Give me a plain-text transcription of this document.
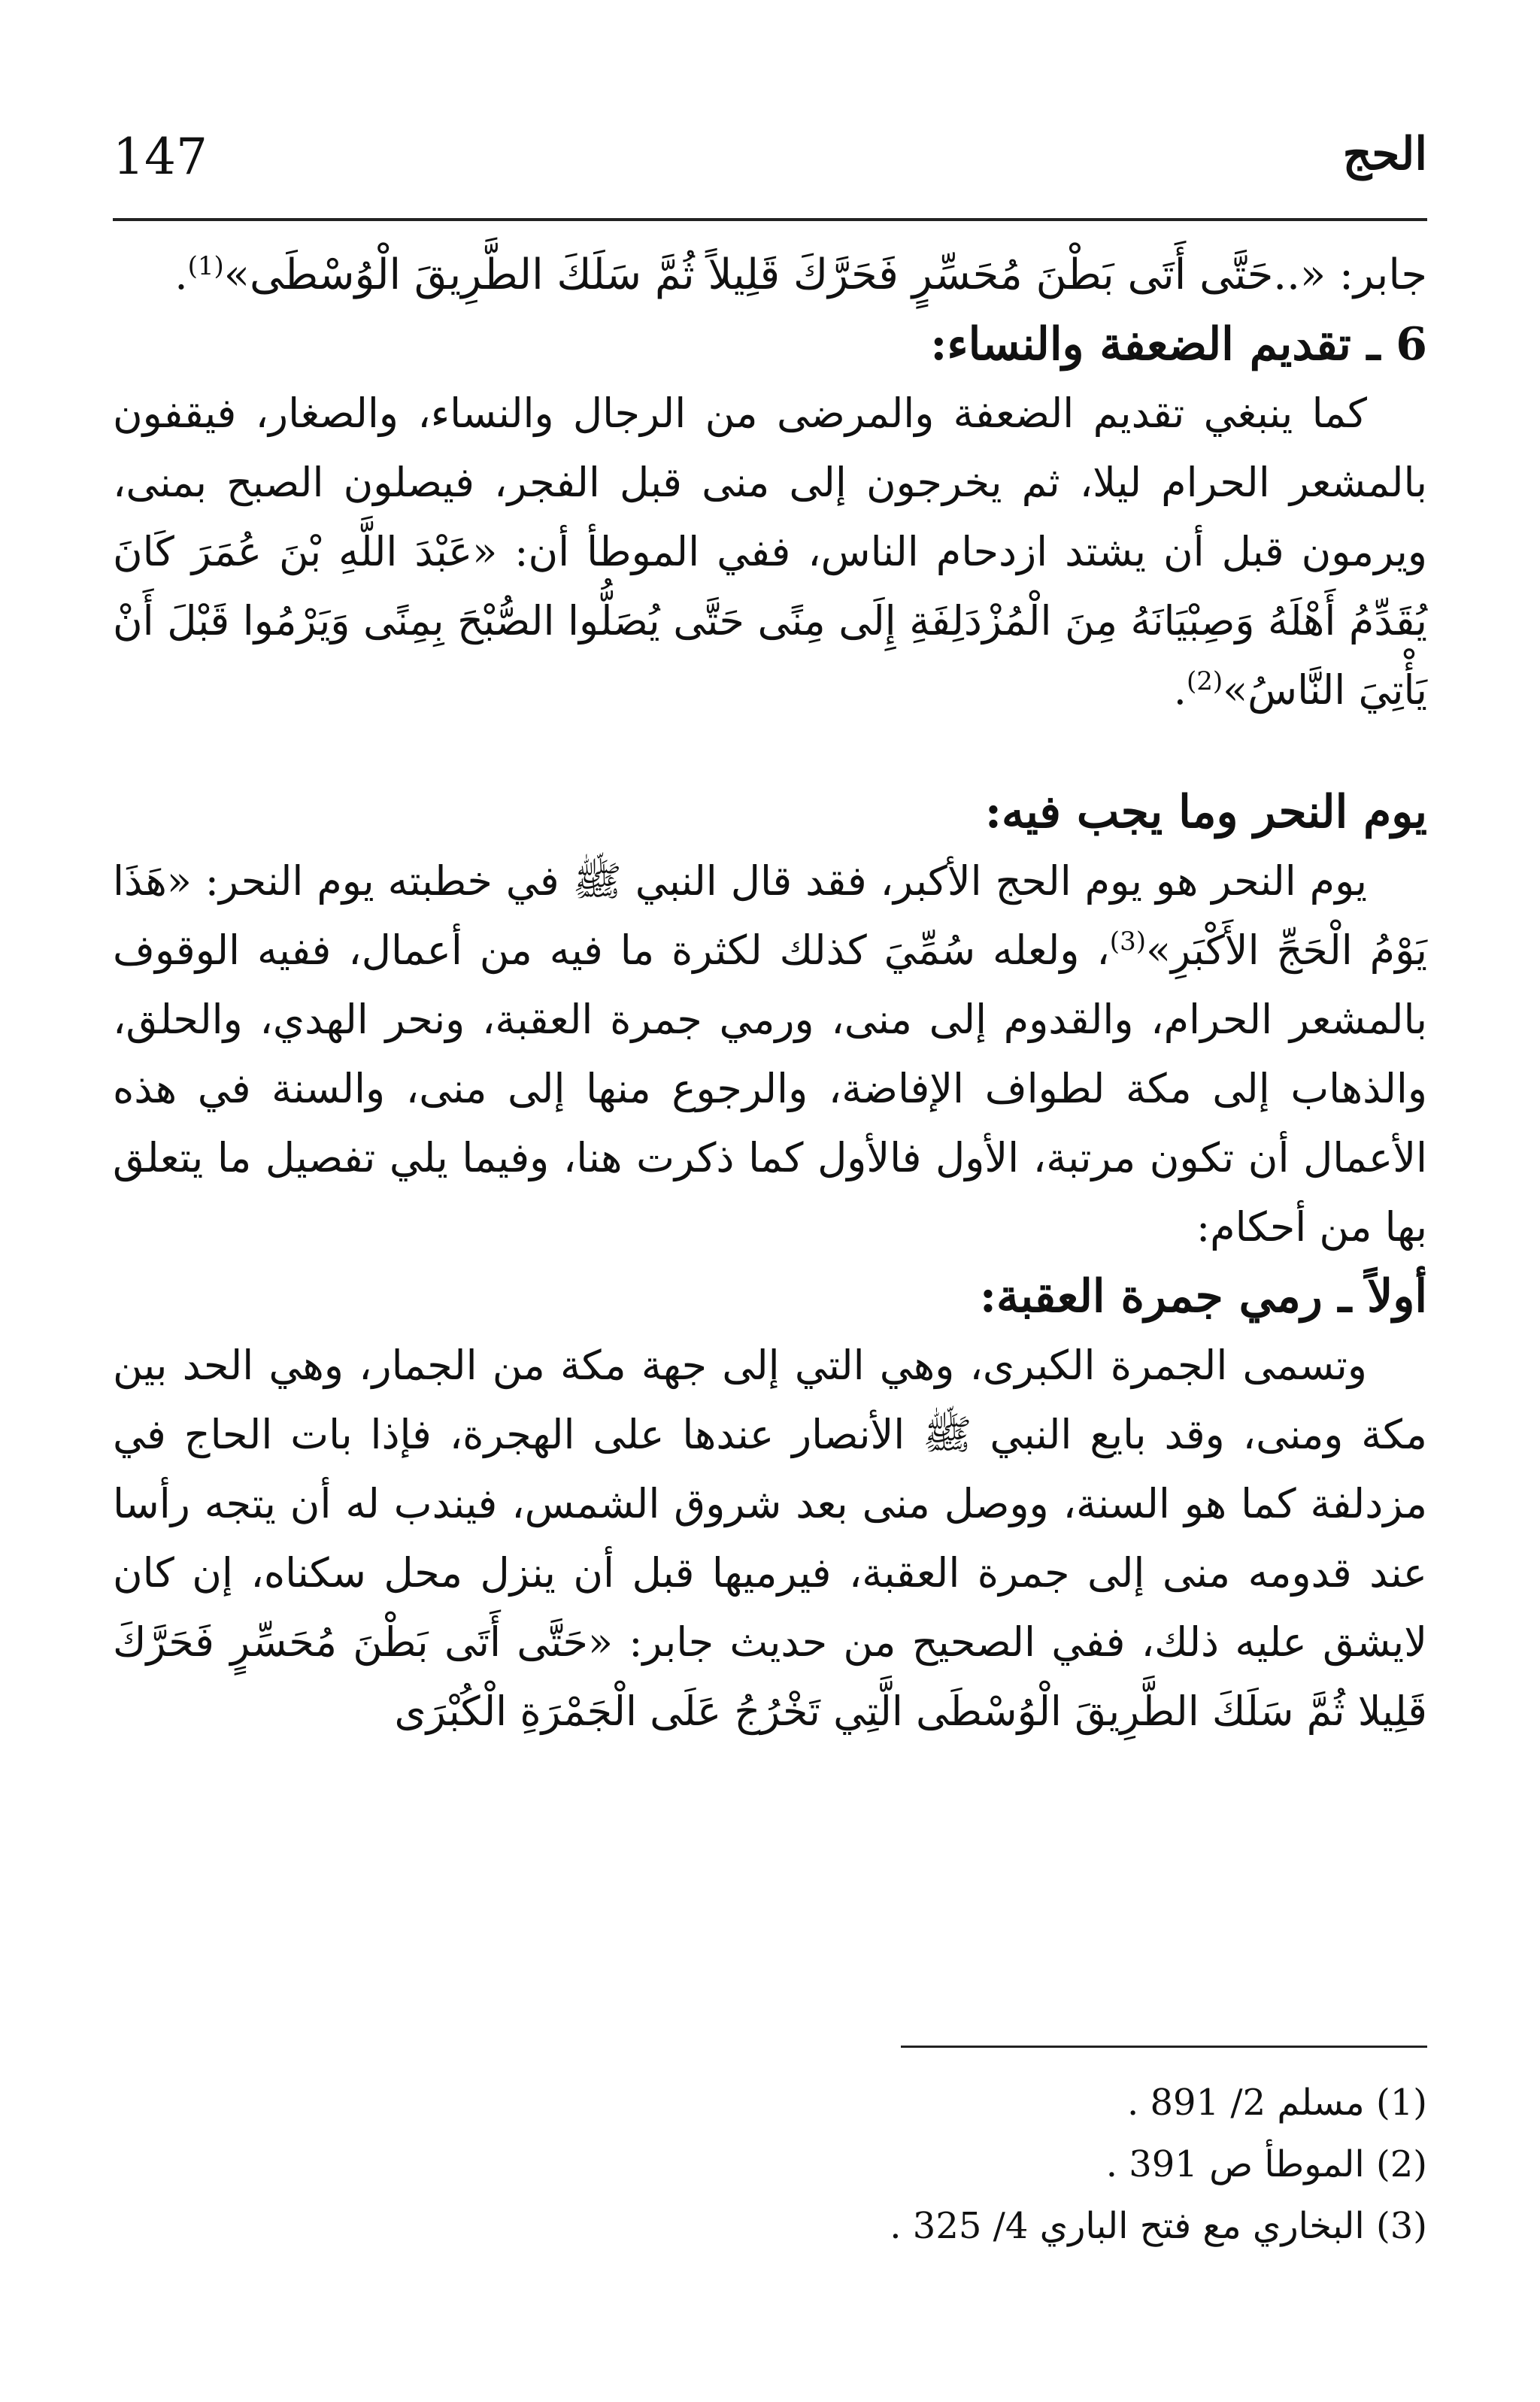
الحج
147

جابر: «..حَتَّى أَتَى بَطْنَ مُحَسِّرٍ فَحَرَّكَ قَلِيلاً ثُمَّ سَلَكَ الطَّرِيقَ الْوُسْطَى»$^{(1)}$.

6 ـ تقديم الضعفة والنساء:

كما ينبغي تقديم الضعفة والمرضى من الرجال والنساء، والصغار، فيقفون بالمشعر الحرام ليلا، ثم يخرجون إلى منى قبل الفجر، فيصلون الصبح بمنى، ويرمون قبل أن يشتد ازدحام الناس، ففي الموطأ أن: «عَبْدَ اللَّهِ بْنَ عُمَرَ كَانَ يُقَدِّمُ أَهْلَهُ وَصِبْيَانَهُ مِنَ الْمُزْدَلِفَةِ إِلَى مِنًى حَتَّى يُصَلُّوا الصُّبْحَ بِمِنًى وَيَرْمُوا قَبْلَ أَنْ يَأْتِيَ النَّاسُ»$^{(2)}$.

يوم النحر وما يجب فيه:

يوم النحر هو يوم الحج الأكبر، فقد قال النبي ﷺ في خطبته يوم النحر: «هَذَا يَوْمُ الْحَجِّ الأَكْبَرِ»$^{(3)}$، ولعله سُمِّيَ كذلك لكثرة ما فيه من أعمال، ففيه الوقوف بالمشعر الحرام، والقدوم إلى منى، ورمي جمرة العقبة، ونحر الهدي، والحلق، والذهاب إلى مكة لطواف الإفاضة، والرجوع منها إلى منى، والسنة في هذه الأعمال أن تكون مرتبة، الأول فالأول كما ذكرت هنا، وفيما يلي تفصيل ما يتعلق بها من أحكام:

أولاً ـ رمي جمرة العقبة:

وتسمى الجمرة الكبرى، وهي التي إلى جهة مكة من الجمار، وهي الحد بين مكة ومنى، وقد بايع النبي ﷺ الأنصار عندها على الهجرة، فإذا بات الحاج في مزدلفة كما هو السنة، ووصل منى بعد شروق الشمس، فيندب له أن يتجه رأسا عند قدومه منى إلى جمرة العقبة، فيرميها قبل أن ينزل محل سكناه، إن كان لايشق عليه ذلك، ففي الصحيح من حديث جابر: «حَتَّى أَتَى بَطْنَ مُحَسِّرٍ فَحَرَّكَ قَلِيلا ثُمَّ سَلَكَ الطَّرِيقَ الْوُسْطَى الَّتِي تَخْرُجُ عَلَى الْجَمْرَةِ الْكُبْرَى

(1) مسلم 2/ 891 .

(2) الموطأ ص 391 .

(3) البخاري مع فتح الباري 4/ 325 .
